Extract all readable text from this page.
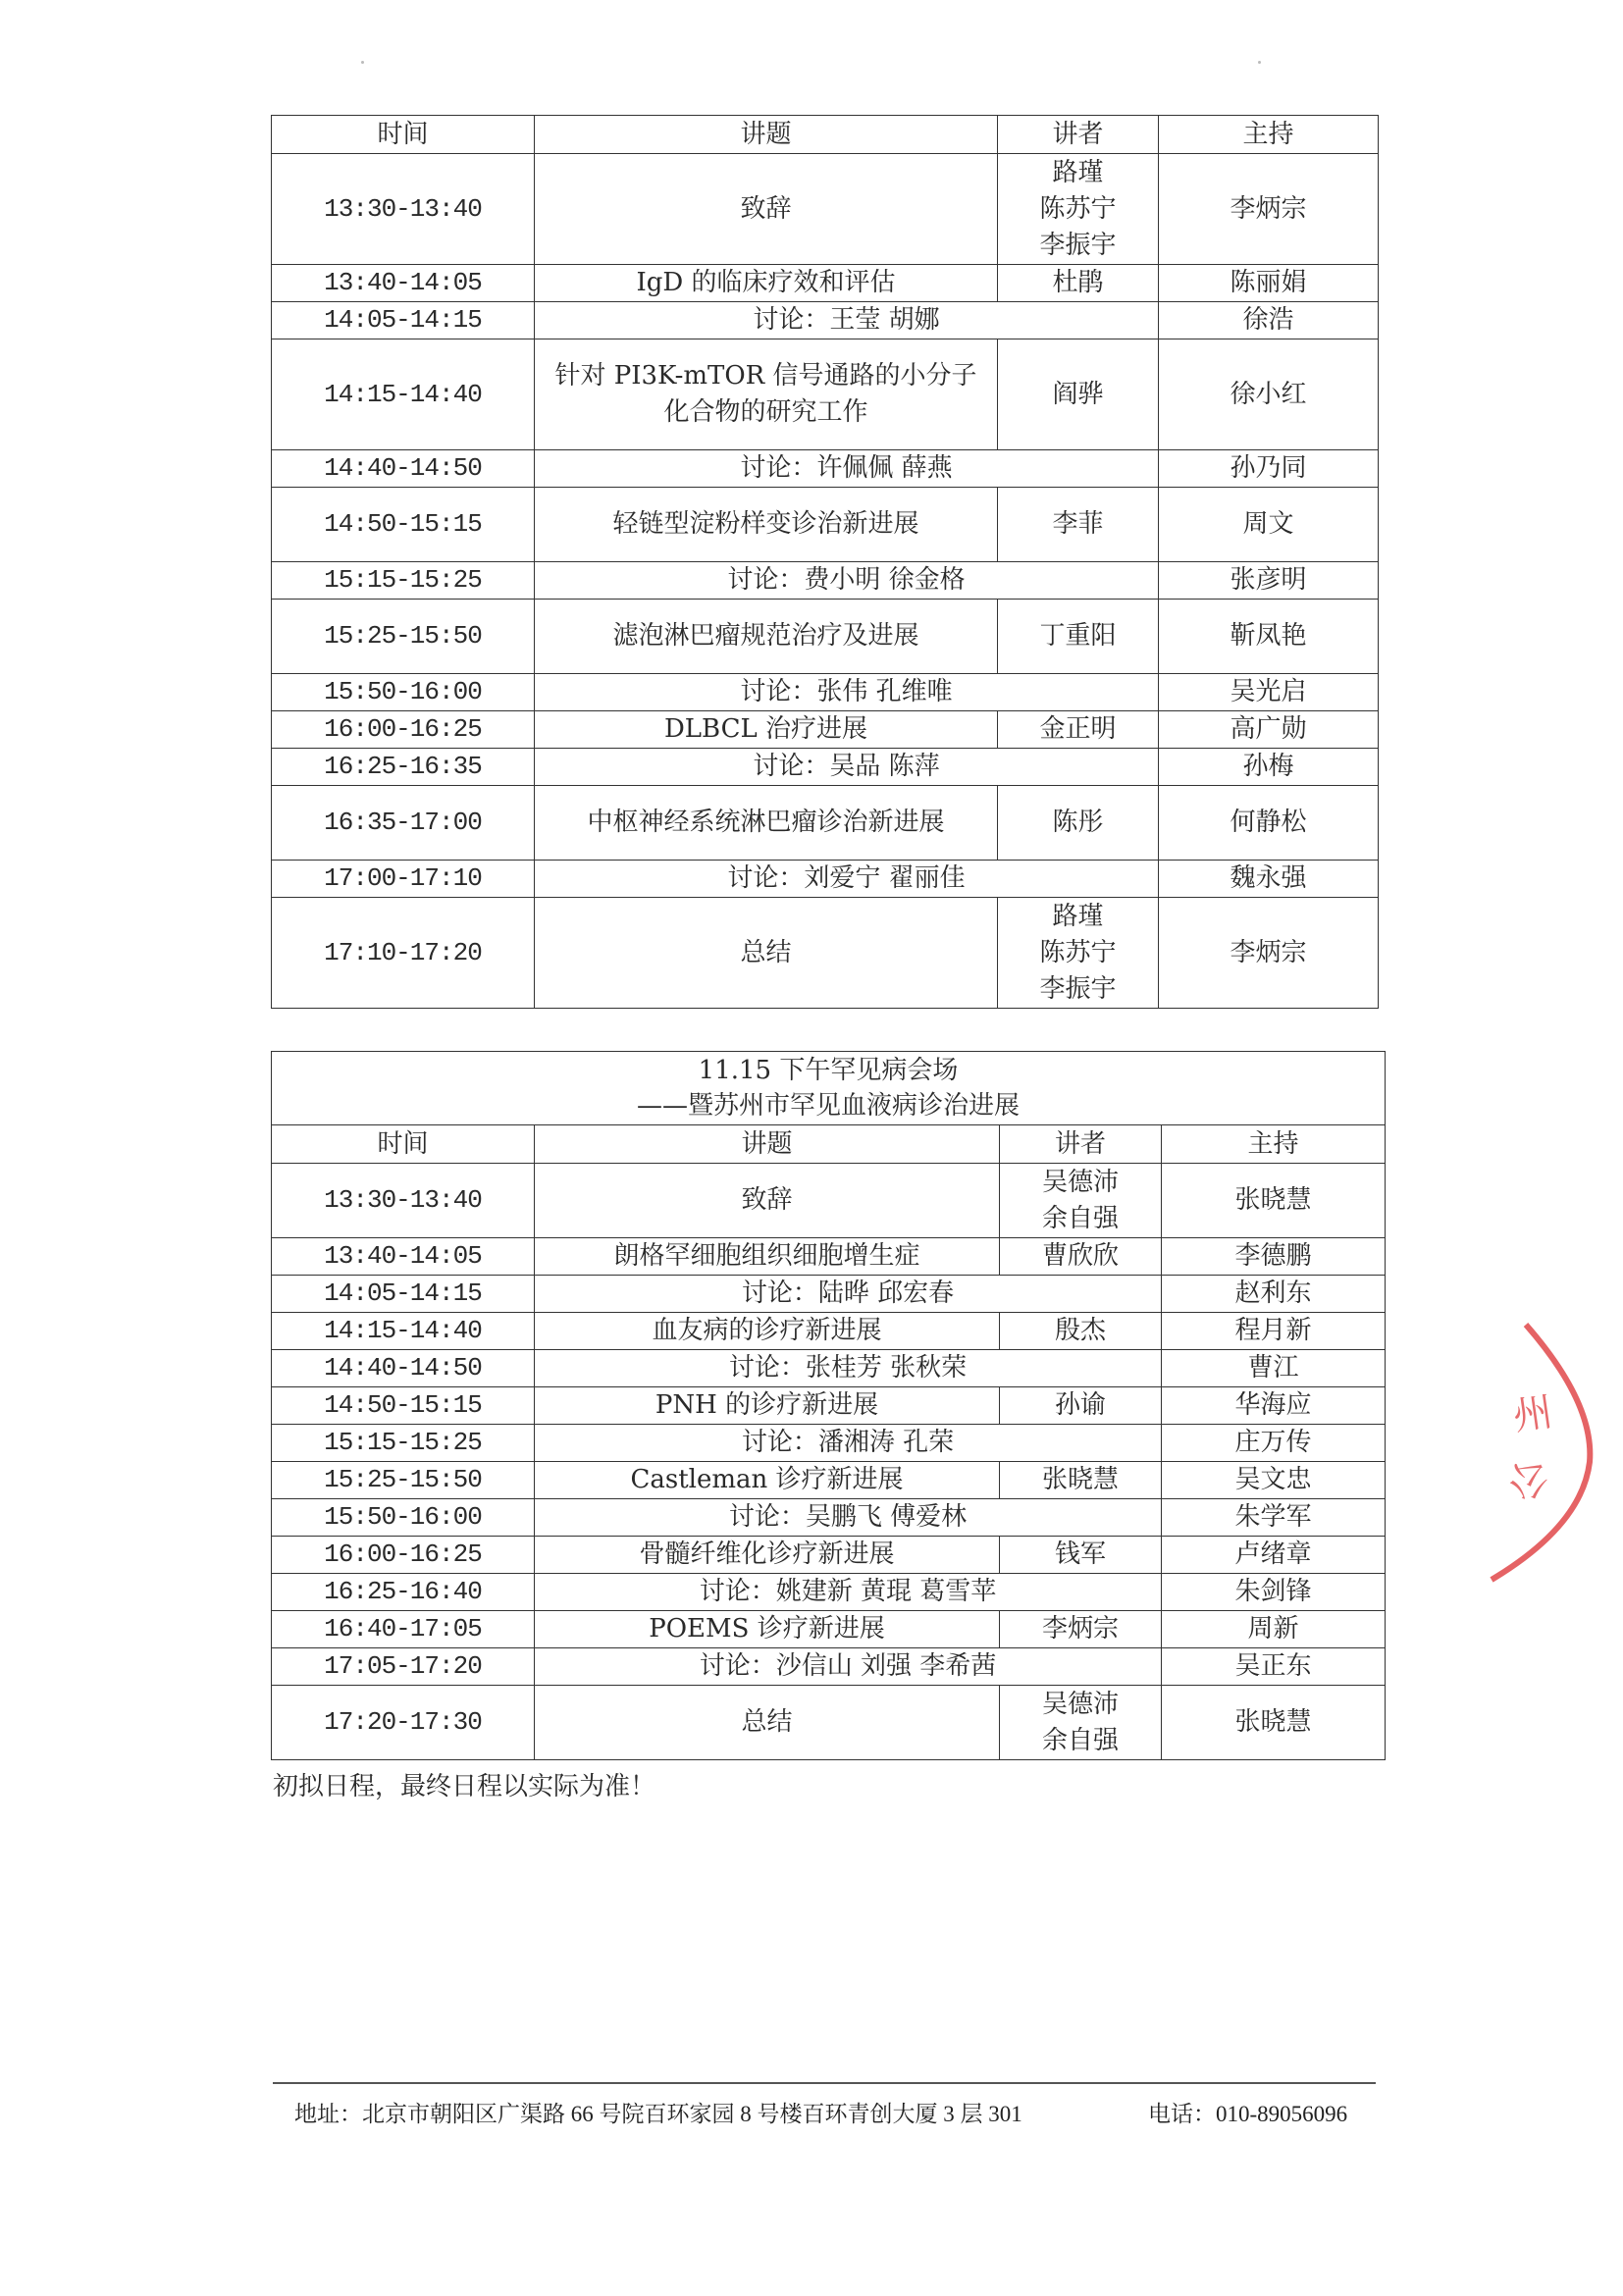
时间	讲题	讲者	主持
13:30-13:40	致辞	路瑾
陈苏宁
李振宇	李炳宗
13:40-14:05	IgD 的临床疗效和评估	杜鹃	陈丽娟
14:05-14:15	讨论：王莹 胡娜		徐浩
14:15-14:40	针对 PI3K-mTOR 信号通路的小分子
化合物的研究工作	阎骅	徐小红
14:40-14:50	讨论：许佩佩 薛燕		孙乃同
14:50-15:15	轻链型淀粉样变诊治新进展	李菲	周文
15:15-15:25	讨论：费小明 徐金格		张彦明
15:25-15:50	滤泡淋巴瘤规范治疗及进展	丁重阳	靳凤艳
15:50-16:00	讨论：张伟 孔维唯		吴光启
16:00-16:25	DLBCL 治疗进展	金正明	高广勋
16:25-16:35	讨论：吴品 陈萍		孙梅
16:35-17:00	中枢神经系统淋巴瘤诊治新进展	陈彤	何静松
17:00-17:10	讨论：刘爱宁 翟丽佳		魏永强
17:10-17:20	总结	路瑾
陈苏宁
李振宇	李炳宗
11.15 下午罕见病会场
——暨苏州市罕见血液病诊治进展			

时间	讲题	讲者	主持
13:30-13:40	致辞	吴德沛
余自强	张晓慧
13:40-14:05	朗格罕细胞组织细胞增生症	曹欣欣	李德鹏
14:05-14:15	讨论：陆晔 邱宏春		赵利东
14:15-14:40	血友病的诊疗新进展	殷杰	程月新
14:40-14:50	讨论：张桂芳 张秋荣		曹江
14:50-15:15	PNH 的诊疗新进展	孙谕	华海应
15:15-15:25	讨论：潘湘涛 孔荣		庄万传
15:25-15:50	Castleman 诊疗新进展	张晓慧	吴文忠
15:50-16:00	讨论：吴鹏飞 傅爱林		朱学军
16:00-16:25	骨髓纤维化诊疗新进展	钱军	卢绪章
16:25-16:40	讨论：姚建新 黄琨 葛雪苹		朱剑锋
16:40-17:05	POEMS 诊疗新进展	李炳宗	周新
17:05-17:20	讨论：沙信山 刘强 李希茜		吴正东
17:20-17:30	总结	吴德沛
余自强	张晓慧
初拟日程，最终日程以实际为准！
地址：北京市朝阳区广渠路 66 号院百环家园 8 号楼百环青创大厦 3 层 301	电话：010-89056096
州
公
